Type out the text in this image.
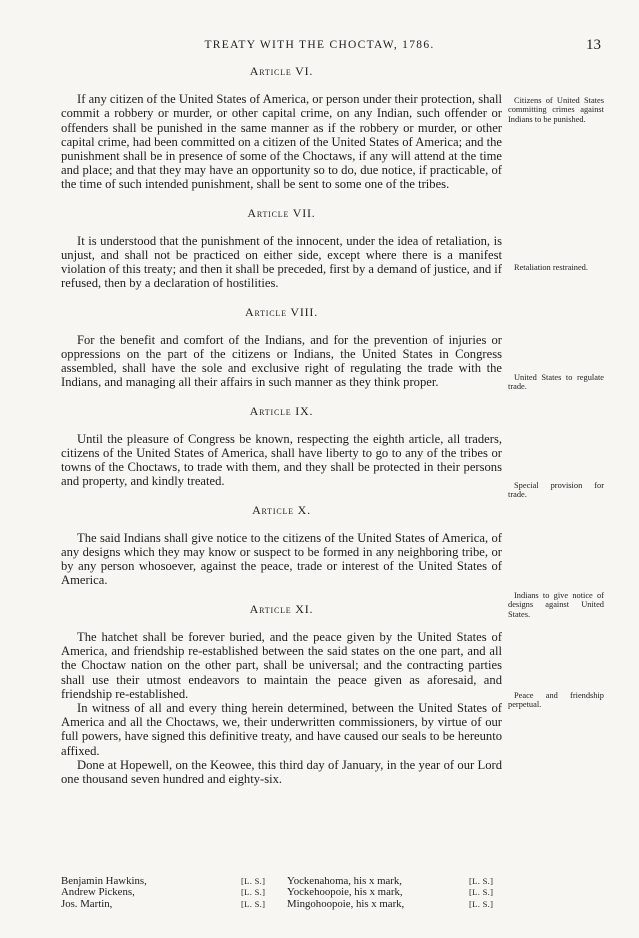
TREATY WITH THE CHOCTAW, 1786.	13
Article VI.

If any citizen of the United States of America, or person under their protection, shall commit a robbery or murder, or other capital crime, on any Indian, such offender or offenders shall be punished in the same manner as if the robbery or murder, or other capital crime, had been committed on a citizen of the United States of America; and the punishment shall be in presence of some of the Choctaws, if any will attend at the time and place; and that they may have an opportunity so to do, due notice, if practicable, of the time of such intended punishment, shall be sent to some one of the tribes.

Article VII.

It is understood that the punishment of the innocent, under the idea of retaliation, is unjust, and shall not be practiced on either side, except where there is a manifest violation of this treaty; and then it shall be preceded, first by a demand of justice, and if refused, then by a declaration of hostilities.

Article VIII.

For the benefit and comfort of the Indians, and for the prevention of injuries or oppressions on the part of the citizens or Indians, the United States in Congress assembled, shall have the sole and exclusive right of regulating the trade with the Indians, and managing all their affairs in such manner as they think proper.

Article IX.

Until the pleasure of Congress be known, respecting the eighth article, all traders, citizens of the United States of America, shall have liberty to go to any of the tribes or towns of the Choctaws, to trade with them, and they shall be protected in their persons and property, and kindly treated.

Article X.

The said Indians shall give notice to the citizens of the United States of America, of any designs which they may know or suspect to be formed in any neighboring tribe, or by any person whosoever, against the peace, trade or interest of the United States of America.

Article XI.

The hatchet shall be forever buried, and the peace given by the United States of America, and friendship re-established between the said states on the one part, and all the Choctaw nation on the other part, shall be universal; and the contracting parties shall use their utmost endeavors to maintain the peace given as aforesaid, and friendship re-established.

In witness of all and every thing herein determined, between the United States of America and all the Choctaws, we, their underwritten commissioners, by virtue of our full powers, have signed this definitive treaty, and have caused our seals to be hereunto affixed.

Done at Hopewell, on the Keowee, this third day of January, in the year of our Lord one thousand seven hundred and eighty-six.

Citizens of United States committing crimes against Indians to be punished.
Retaliation restrained.
United States to regulate trade.
Special provision for trade.
Indians to give notice of designs against United States.
Peace and friendship perpetual.
Benjamin Hawkins,	[L. S.] Yockenahoma, his x mark,	[L. S.]
Andrew Pickens,	[L. S.] Yockehoopoie, his x mark,	[L. S.]
Jos. Martin,	[L. S.] Mingohoopoie, his x mark,	[L. S.]
